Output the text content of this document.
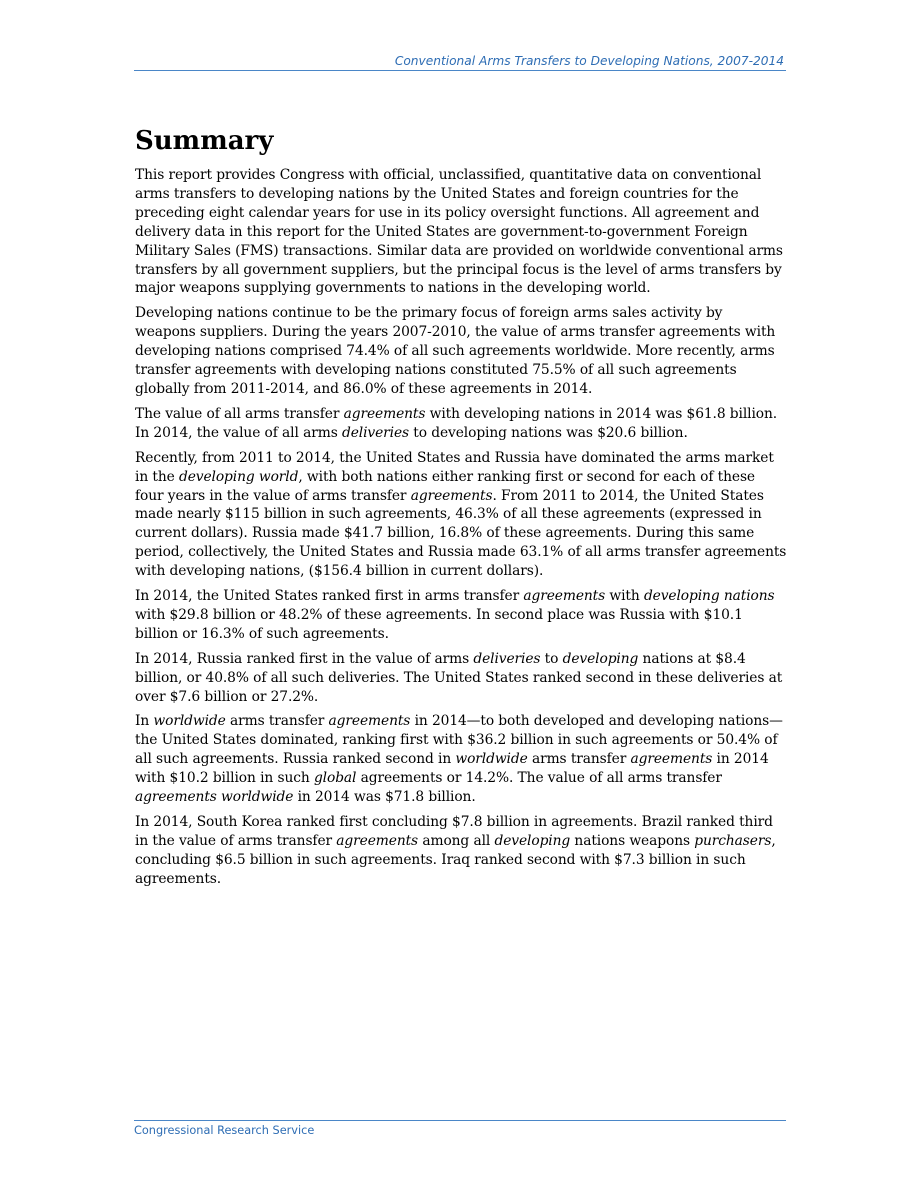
Conventional Arms Transfers to Developing Nations, 2007-2014
Summary

This report provides Congress with official, unclassified, quantitative data on conventional arms transfers to developing nations by the United States and foreign countries for the preceding eight calendar years for use in its policy oversight functions. All agreement and delivery data in this report for the United States are government-to-government Foreign Military Sales (FMS) transactions. Similar data are provided on worldwide conventional arms transfers by all government suppliers, but the principal focus is the level of arms transfers by major weapons supplying governments to nations in the developing world.

Developing nations continue to be the primary focus of foreign arms sales activity by weapons suppliers. During the years 2007-2010, the value of arms transfer agreements with developing nations comprised 74.4% of all such agreements worldwide. More recently, arms transfer agreements with developing nations constituted 75.5% of all such agreements globally from 2011-2014, and 86.0% of these agreements in 2014.

The value of all arms transfer agreements with developing nations in 2014 was $61.8 billion. In 2014, the value of all arms deliveries to developing nations was $20.6 billion.

Recently, from 2011 to 2014, the United States and Russia have dominated the arms market in the developing world, with both nations either ranking first or second for each of these four years in the value of arms transfer agreements. From 2011 to 2014, the United States made nearly $115 billion in such agreements, 46.3% of all these agreements (expressed in current dollars). Russia made $41.7 billion, 16.8% of these agreements. During this same period, collectively, the United States and Russia made 63.1% of all arms transfer agreements with developing nations, ($156.4 billion in current dollars).

In 2014, the United States ranked first in arms transfer agreements with developing nations with $29.8 billion or 48.2% of these agreements. In second place was Russia with $10.1 billion or 16.3% of such agreements.

In 2014, Russia ranked first in the value of arms deliveries to developing nations at $8.4 billion, or 40.8% of all such deliveries. The United States ranked second in these deliveries at over $7.6 billion or 27.2%.

In worldwide arms transfer agreements in 2014—to both developed and developing nations—the United States dominated, ranking first with $36.2 billion in such agreements or 50.4% of all such agreements. Russia ranked second in worldwide arms transfer agreements in 2014 with $10.2 billion in such global agreements or 14.2%. The value of all arms transfer agreements worldwide in 2014 was $71.8 billion.

In 2014, South Korea ranked first concluding $7.8 billion in agreements. Brazil ranked third in the value of arms transfer agreements among all developing nations weapons purchasers, concluding $6.5 billion in such agreements. Iraq ranked second with $7.3 billion in such agreements.

Congressional Research Service
